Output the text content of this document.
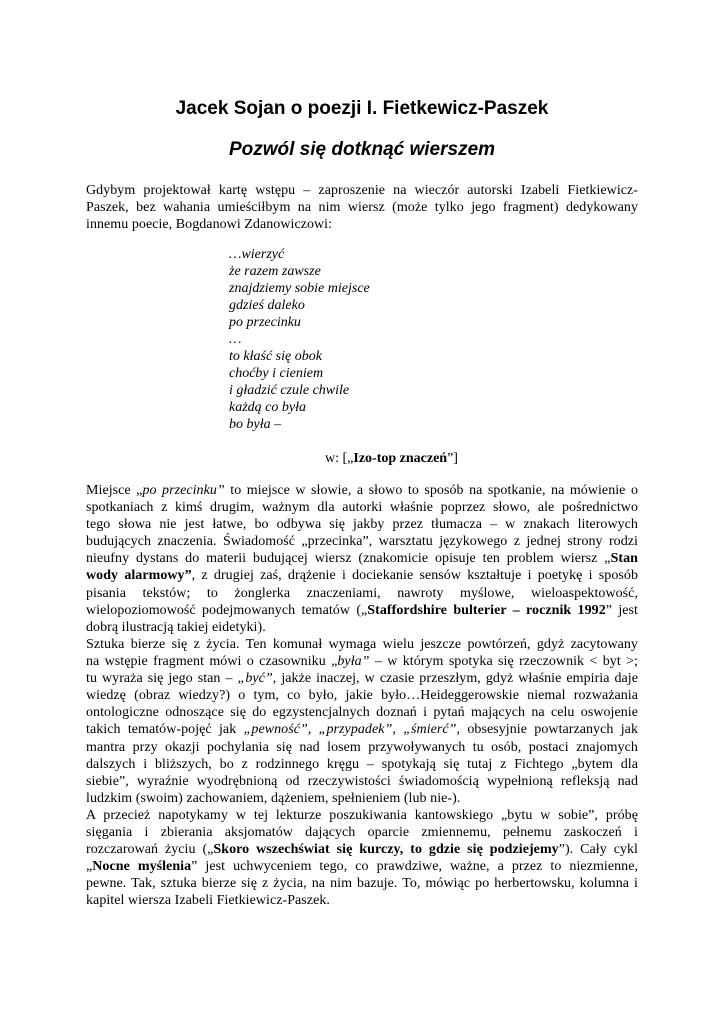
Jacek Sojan o poezji I. Fietkewicz-Paszek
Pozwól się dotknąć wierszem

Gdybym projektował kartę wstępu – zaproszenie na wieczór autorski Izabeli Fietkiewicz-
Paszek, bez wahania umieściłbym na nim wiersz (może tylko jego fragment) dedykowany
innemu poecie, Bogdanowi Zdanowiczowi:

…wierzyć
że razem zawsze
znajdziemy sobie miejsce
gdzieś daleko
po przecinku
…
to kłaść się obok
choćby i cieniem
i gładzić czule chwile
każdą co była
bo była –
w: [„Izo-top znaczeń”]

Miejsce „po przecinku” to miejsce w słowie, a słowo to sposób na spotkanie, na mówienie o
spotkaniach z kimś drugim, ważnym dla autorki właśnie poprzez słowo, ale pośrednictwo
tego słowa nie jest łatwe, bo odbywa się jakby przez tłumacza – w znakach literowych
budujących znaczenia. Świadomość „przecinka”, warsztatu językowego z jednej strony rodzi
nieufny dystans do materii budującej wiersz (znakomicie opisuje ten problem wiersz „Stan
wody alarmowy”, z drugiej zaś, drążenie i dociekanie sensów kształtuje i poetykę i sposób
pisania tekstów; to żonglerka znaczeniami, nawroty myślowe, wieloaspektowość,
wielopoziomowość podejmowanych tematów („Staffordshire bulterier – rocznik 1992” jest
dobrą ilustracją takiej eidetyki).

Sztuka bierze się z życia. Ten komunał wymaga wielu jeszcze powtórzeń, gdyż zacytowany
na wstępie fragment mówi o czasowniku „była” – w którym spotyka się rzeczownik < byt >;
tu wyraża się jego stan – „być”, jakże inaczej, w czasie przeszłym, gdyż właśnie empiria daje
wiedzę (obraz wiedzy?) o tym, co było, jakie było…Heideggerowskie niemal rozważania
ontologiczne odnoszące się do egzystencjalnych doznań i pytań mających na celu oswojenie
takich tematów-pojęć jak „pewność”, „przypadek”, „śmierć”, obsesyjnie powtarzanych jak
mantra przy okazji pochylania się nad losem przywoływanych tu osób, postaci znajomych
dalszych i bliższych, bo z rodzinnego kręgu – spotykają się tutaj z Fichtego „bytem dla
siebie”, wyraźnie wyodrębnioną od rzeczywistości świadomością wypełnioną refleksją nad
ludzkim (swoim) zachowaniem, dążeniem, spełnieniem (lub nie-).

A przecież napotykamy w tej lekturze poszukiwania kantowskiego „bytu w sobie”, próbę
sięgania i zbierania aksjomatów dających oparcie zmiennemu, pełnemu zaskoczeń i
rozczarowań życiu („Skoro wszechświat się kurczy, to gdzie się podziejemy”). Cały cykl
„Nocne myślenia” jest uchwyceniem tego, co prawdziwe, ważne, a przez to niezmienne,
pewne. Tak, sztuka bierze się z życia, na nim bazuje. To, mówiąc po herbertowsku, kolumna i
kapitel wiersza Izabeli Fietkiewicz-Paszek.
